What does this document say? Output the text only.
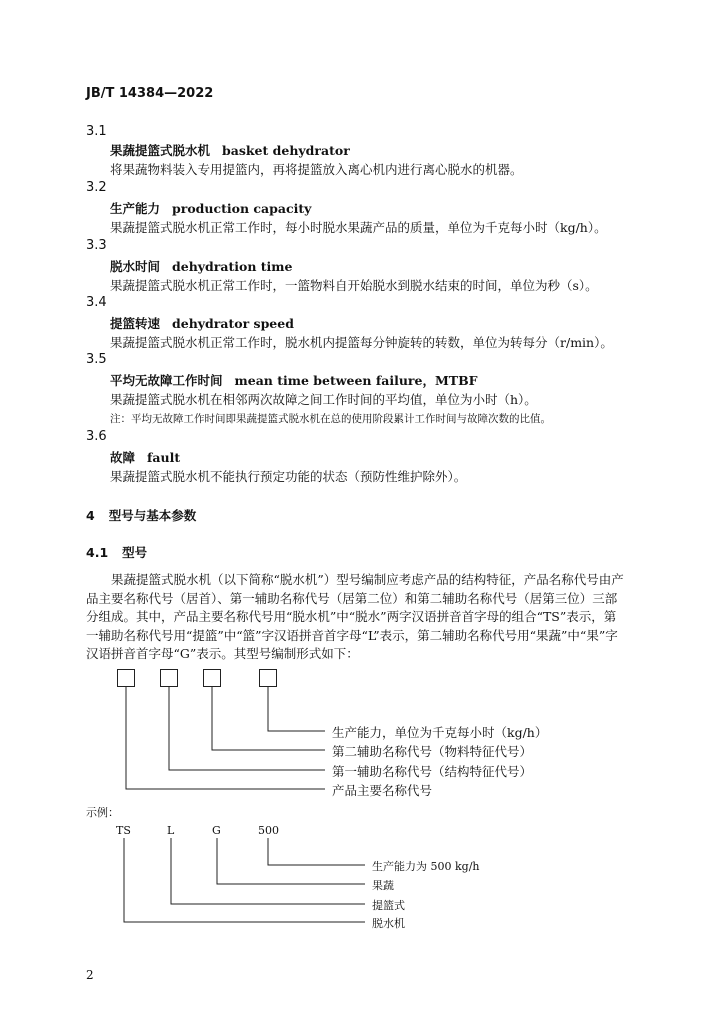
JB/T 14384—2022
3.1
果蔬提篮式脱水机 basket dehydrator
将果蔬物料装入专用提篮内，再将提篮放入离心机内进行离心脱水的机器。
3.2
生产能力 production capacity
果蔬提篮式脱水机正常工作时，每小时脱水果蔬产品的质量，单位为千克每小时（kg/h）。
3.3
脱水时间 dehydration time
果蔬提篮式脱水机正常工作时，一篮物料自开始脱水到脱水结束的时间，单位为秒（s）。
3.4
提篮转速 dehydrator speed
果蔬提篮式脱水机正常工作时，脱水机内提篮每分钟旋转的转数，单位为转每分（r/min）。
3.5
平均无故障工作时间 mean time between failure，MTBF
果蔬提篮式脱水机在相邻两次故障之间工作时间的平均值，单位为小时（h）。
注：平均无故障工作时间即果蔬提篮式脱水机在总的使用阶段累计工作时间与故障次数的比值。
3.6
故障 fault
果蔬提篮式脱水机不能执行预定功能的状态（预防性维护除外）。
4 型号与基本参数
4.1 型号

果蔬提篮式脱水机（以下简称“脱水机”）型号编制应考虑产品的结构特征，产品名称代号由产品主要名称代号（居首）、第一辅助名称代号（居第二位）和第二辅助名称代号（居第三位）三部分组成。其中，产品主要名称代号用“脱水机”中“脱水”两字汉语拼音首字母的组合“TS”表示，第一辅助名称代号用“提篮”中“篮”字汉语拼音首字母“L”表示，第二辅助名称代号用“果蔬”中“果”字汉语拼音首字母“G”表示。其型号编制形式如下：

生产能力，单位为千克每小时（kg/h）
第二辅助名称代号（物料特征代号）
第一辅助名称代号（结构特征代号）
产品主要名称代号
示例：
TS	L	G	500
生产能力为 500 kg/h
果蔬
提篮式
脱水机
2
